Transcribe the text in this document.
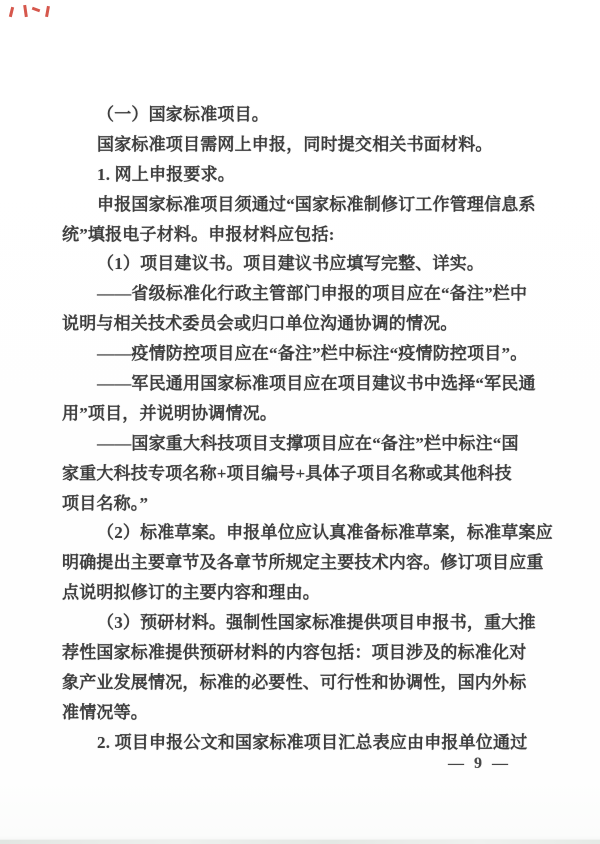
（一）国家标准项目。
国家标准项目需网上申报，同时提交相关书面材料。
1. 网上申报要求。
申报国家标准项目须通过“国家标准制修订工作管理信息系
统”填报电子材料。申报材料应包括:
（1）项目建议书。项目建议书应填写完整、详实。
——省级标准化行政主管部门申报的项目应在“备注”栏中
说明与相关技术委员会或归口单位沟通协调的情况。
——疫情防控项目应在“备注”栏中标注“疫情防控项目”。
——军民通用国家标准项目应在项目建议书中选择“军民通
用”项目，并说明协调情况。
——国家重大科技项目支撑项目应在“备注”栏中标注“国
家重大科技专项名称+项目编号+具体子项目名称或其他科技
项目名称。”
（2）标准草案。申报单位应认真准备标准草案，标准草案应
明确提出主要章节及各章节所规定主要技术内容。修订项目应重
点说明拟修订的主要内容和理由。
（3）预研材料。强制性国家标准提供项目申报书，重大推
荐性国家标准提供预研材料的内容包括：项目涉及的标准化对
象产业发展情况，标准的必要性、可行性和协调性，国内外标
准情况等。
2. 项目申报公文和国家标准项目汇总表应由申报单位通过
— 9 —
